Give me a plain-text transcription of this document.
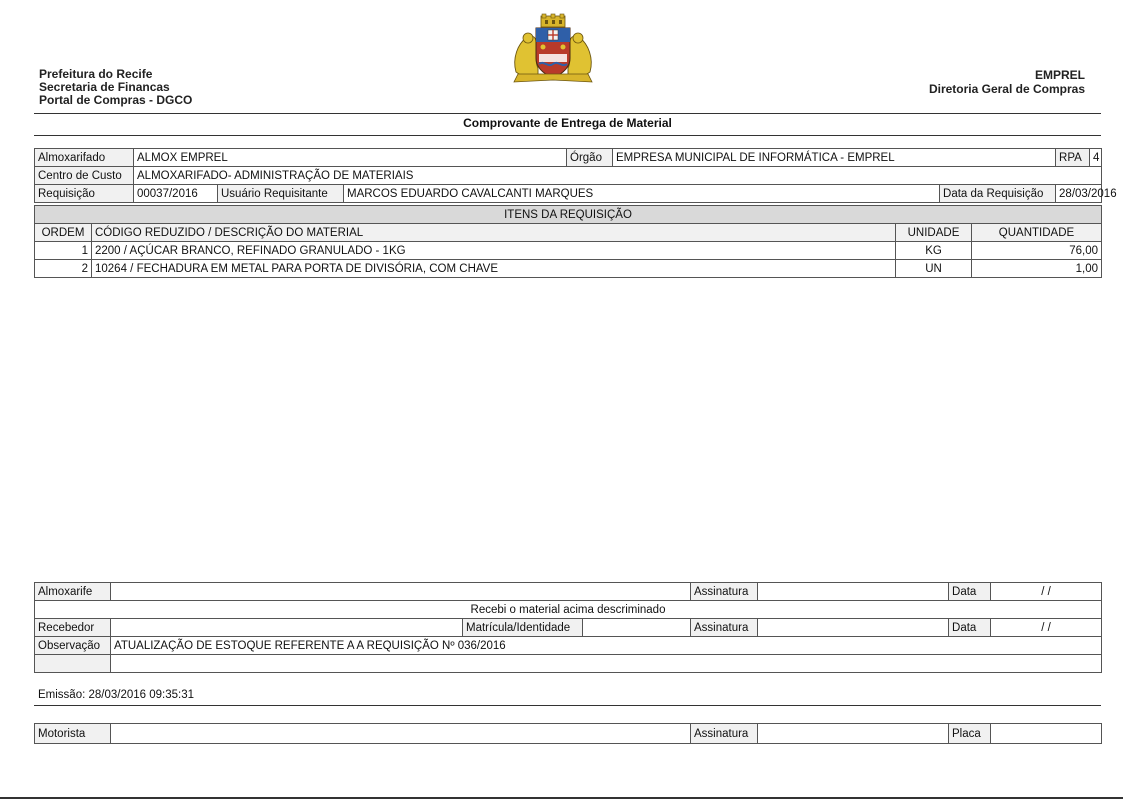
Prefeitura do Recife
Secretaria de Financas
Portal de Compras - DGCO
EMPREL
Diretoria Geral de Compras
Comprovante de Entrega de Material
Almoxarifado	ALMOX EMPREL			Órgão	EMPRESA MUNICIPAL DE INFORMÁTICA - EMPREL		RPA	4
Centro de Custo	ALMOXARIFADO- ADMINISTRAÇÃO DE MATERIAIS							
Requisição	00037/2016	Usuário Requisitante	MARCOS EDUARDO CAVALCANTI MARQUES			Data da Requisição	28/03/2016	
ITENS DA REQUISIÇÃO			
ORDEM	CÓDIGO REDUZIDO / DESCRIÇÃO DO MATERIAL	UNIDADE	QUANTIDADE
1	2200 / AÇÚCAR BRANCO, REFINADO GRANULADO - 1KG	KG	76,00
2	10264 / FECHADURA EM METAL PARA PORTA DE DIVISÓRIA, COM CHAVE	UN	1,00
Almoxarife				Assinatura		Data	/ /
Recebi o material acima descriminado							
Recebedor		Matrícula/Identidade		Assinatura		Data	/ /
Observação	ATUALIZAÇÃO DE ESTOQUE REFERENTE A A REQUISIÇÃO Nº 036/2016						

Emissão: 28/03/2016 09:35:31
Motorista		Assinatura		Placa	
